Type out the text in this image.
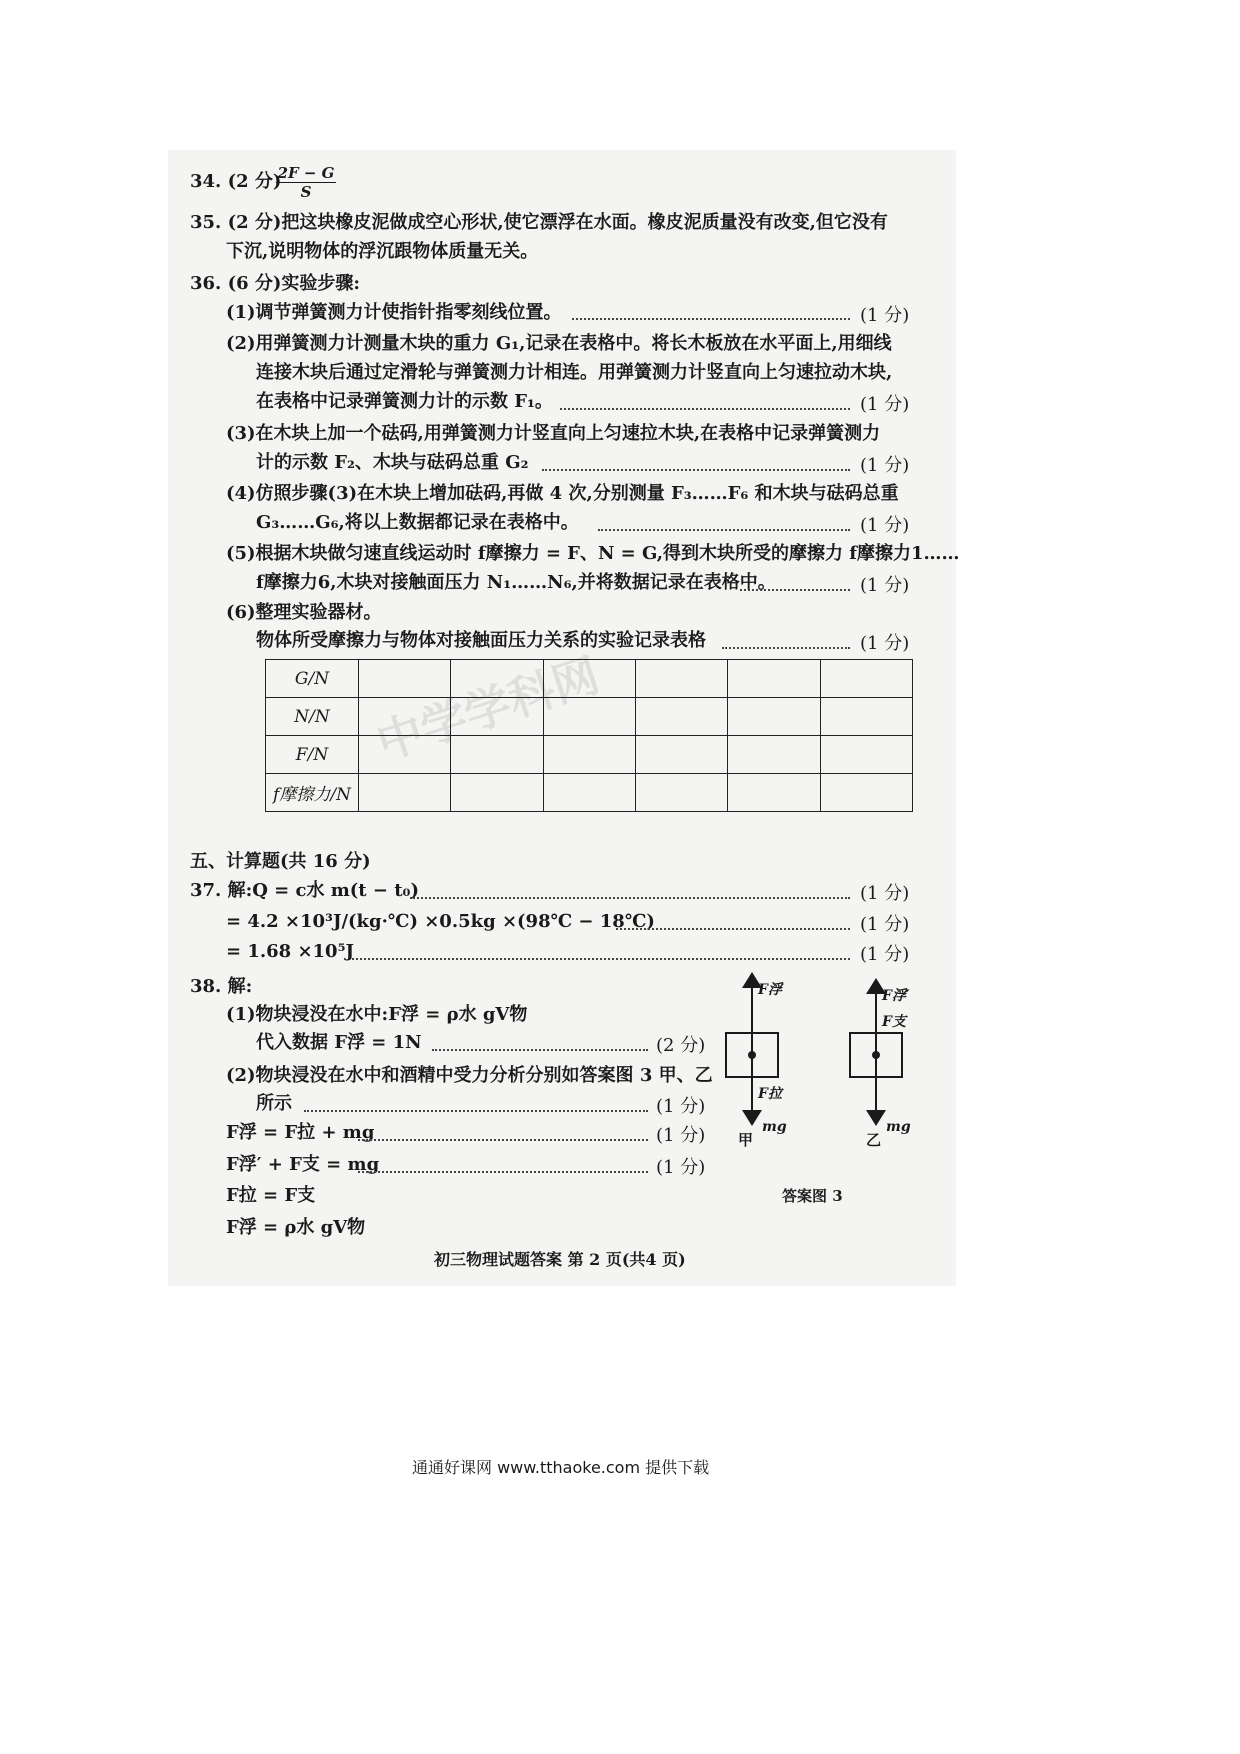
中学学科网
34. (2 分)
2F − G
S
35. (2 分)把这块橡皮泥做成空心形状,使它漂浮在水面。橡皮泥质量没有改变,但它没有
下沉,说明物体的浮沉跟物体质量无关。
36. (6 分)实验步骤:
(1)调节弹簧测力计使指针指零刻线位置。	(1 分)
(2)用弹簧测力计测量木块的重力 G₁,记录在表格中。将长木板放在水平面上,用细线
连接木块后通过定滑轮与弹簧测力计相连。用弹簧测力计竖直向上匀速拉动木块,
在表格中记录弹簧测力计的示数 F₁。	(1 分)
(3)在木块上加一个砝码,用弹簧测力计竖直向上匀速拉木块,在表格中记录弹簧测力
计的示数 F₂、木块与砝码总重 G₂	(1 分)
(4)仿照步骤(3)在木块上增加砝码,再做 4 次,分别测量 F₃……F₆ 和木块与砝码总重
G₃……G₆,将以上数据都记录在表格中。	(1 分)
(5)根据木块做匀速直线运动时 f摩擦力 = F、N = G,得到木块所受的摩擦力 f摩擦力1……
f摩擦力6,木块对接触面压力 N₁……N₆,并将数据记录在表格中。	(1 分)
(6)整理实验器材。
物体所受摩擦力与物体对接触面压力关系的实验记录表格	(1 分)
G/N						
N/N						
F/N						
f摩擦力/N						
五、计算题(共 16 分)
37. 解:Q = c水 m(t − t₀)	(1 分)
= 4.2 ×10³J/(kg·℃) ×0.5kg ×(98℃ − 18℃)	(1 分)
= 1.68 ×10⁵J	(1 分)
38. 解:
(1)物块浸没在水中:F浮 = ρ水 gV物
代入数据 F浮 = 1N	(2 分)
(2)物块浸没在水中和酒精中受力分析分别如答案图 3 甲、乙
所示	(1 分)
F浮 = F拉 + mg	(1 分)
F浮′ + F支 = mg	(1 分)
F拉 = F支
F浮 = ρ水 gV物
F浮
F拉
mg
甲
F浮′
F支
mg
乙
答案图 3
初三物理试题答案 第 2 页(共4 页)
通通好课网 www.tthaoke.com 提供下载
